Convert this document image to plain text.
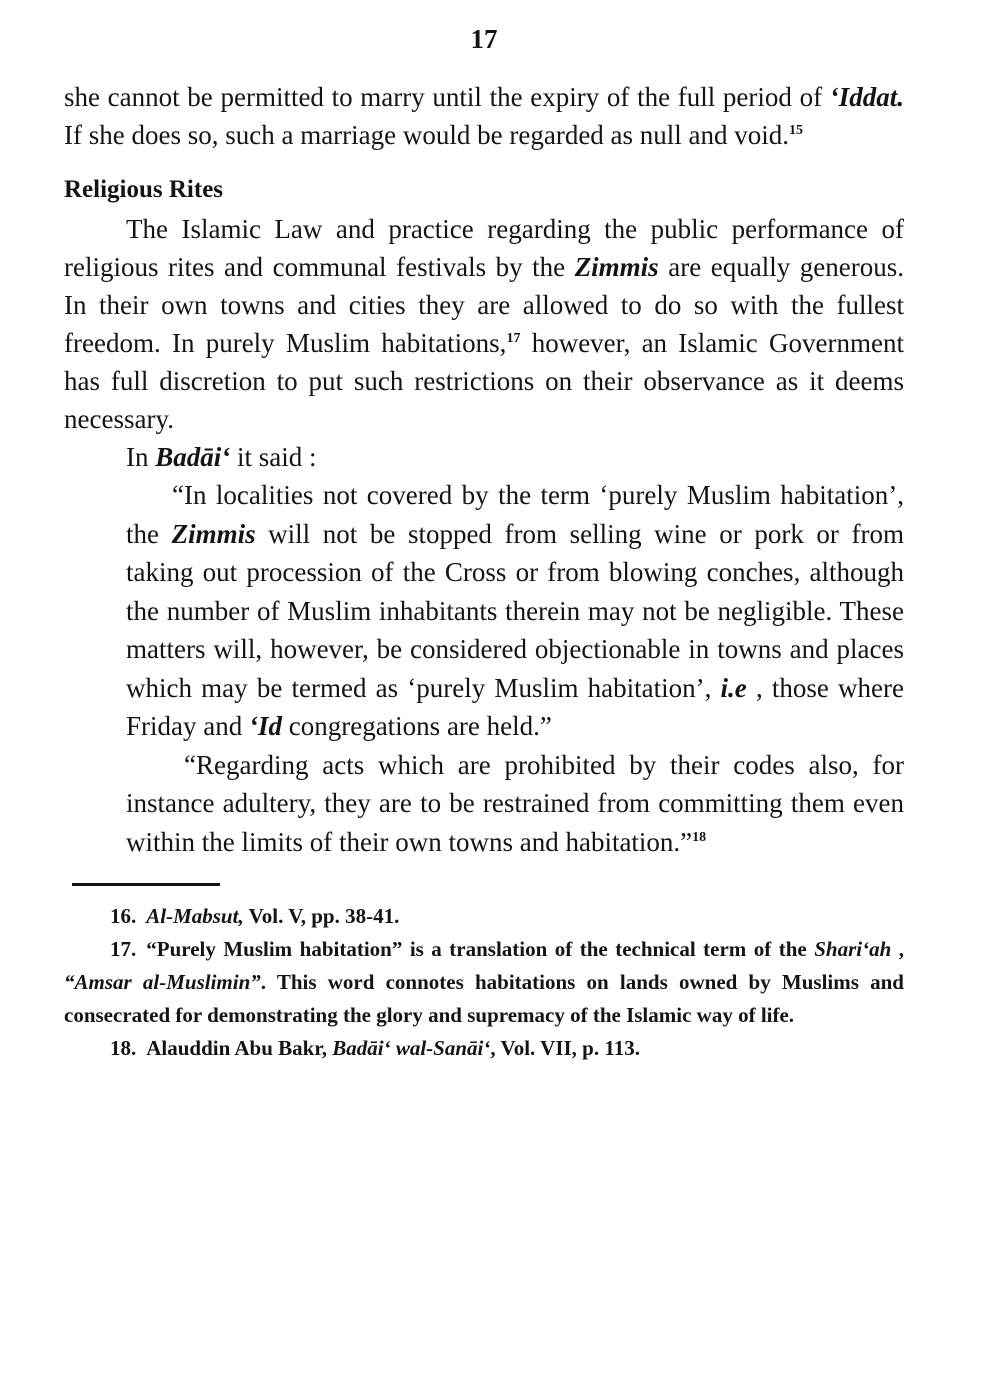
17

she cannot be permitted to marry until the expiry of the full period of ‘Iddat. If she does so, such a marriage would be regarded as null and void.$^{15}$

Religious Rites

The Islamic Law and practice regarding the public performance of religious rites and communal festivals by the Zimmis are equally generous. In their own towns and cities they are allowed to do so with the fullest freedom. In purely Muslim habitations,$^{17}$ however, an Islamic Government has full discretion to put such restrictions on their observance as it deems necessary.

In Badāi‘ it said :

“In localities not covered by the term ‘purely Muslim habitation’, the Zimmis will not be stopped from selling wine or pork or from taking out procession of the Cross or from blowing conches, although the number of Muslim inhabitants therein may not be negligible. These matters will, however, be considered objectionable in towns and places which may be termed as ‘purely Muslim habitation’, i.e , those where Friday and ‘Id congregations are held.”

“Regarding acts which are prohibited by their codes also, for instance adultery, they are to be restrained from committing them even within the limits of their own towns and habitation.”$^{18}$

16. Al-Mabsut, Vol. V, pp. 38-41.

17. “Purely Muslim habitation” is a translation of the technical term of the Shari‘ah , “Amsar al-Muslimin”. This word connotes habitations on lands owned by Muslims and consecrated for demonstrating the glory and supremacy of the Islamic way of life.

18. Alauddin Abu Bakr, Badāi‘ wal-Sanāi‘, Vol. VII, p. 113.
